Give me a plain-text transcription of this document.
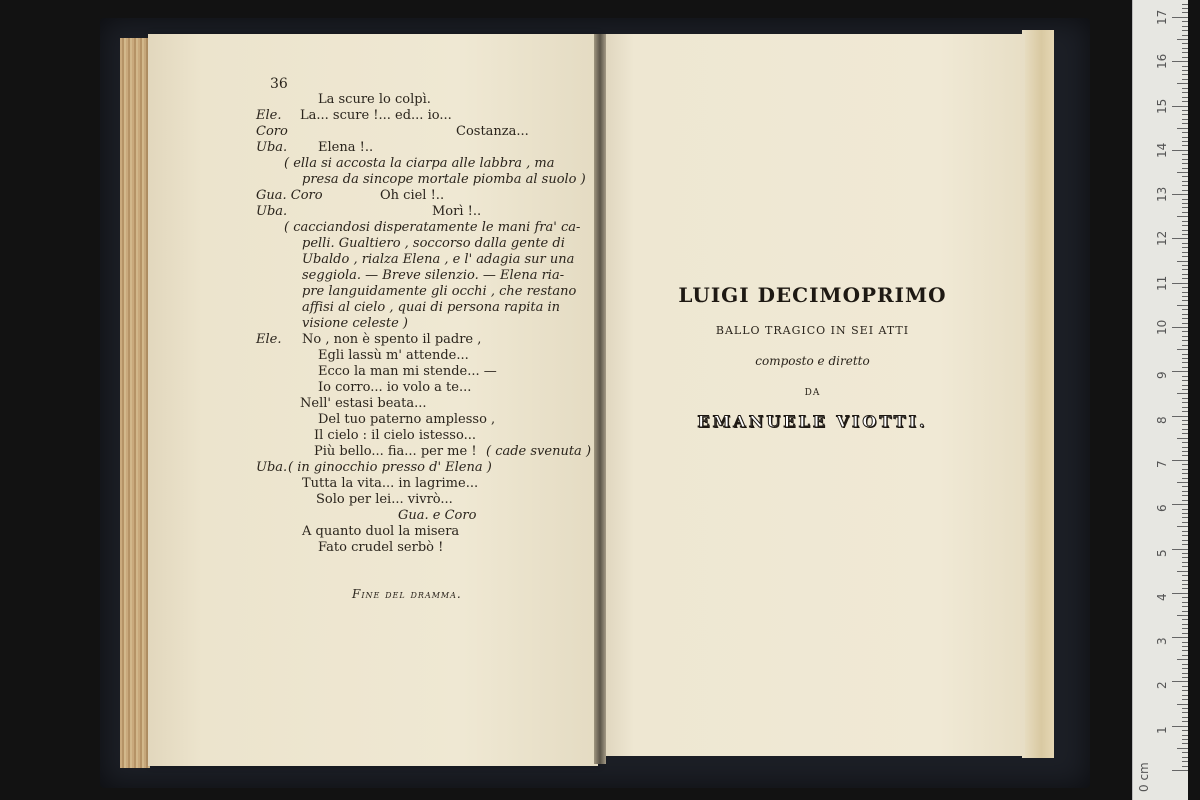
36
La scure lo colpì.
Ele. La... scure !... ed... io...
Coro	Costanza...
Uba. Elena !..
( ella si accosta la ciarpa alle labbra , ma
presa da sincope mortale piomba al suolo )
Gua. Coro	Oh ciel !..
Uba.	Morì !..
( cacciandosi disperatamente le mani fra' ca-
pelli. Gualtiero , soccorso dalla gente di
Ubaldo , rialza Elena , e l' adagia sur una
seggiola. — Breve silenzio. — Elena ria-
pre languidamente gli occhi , che restano
affisi al cielo , quai di persona rapita in
visione celeste )
Ele. No , non è spento il padre ,
Egli lassù m' attende...
Ecco la man mi stende... —
Io corro... io volo a te...
Nell' estasi beata...
Del tuo paterno amplesso ,
Il cielo : il cielo istesso...
Più bello... fia... per me ! ( cade svenuta )
Uba. ( in ginocchio presso d' Elena )
Tutta la vita... in lagrime...
Solo per lei... vivrò...
Gua. e Coro
A quanto duol la misera
Fato crudel serbò !
Fine del dramma.
LUIGI DECIMOPRIMO
BALLO TRAGICO IN SEI ATTI
composto e diretto
DA
EMANUELE VIOTTI.
1
2
3
4
5
6
7
8
9
10
11
12
13
14
15
16
17
0 cm
